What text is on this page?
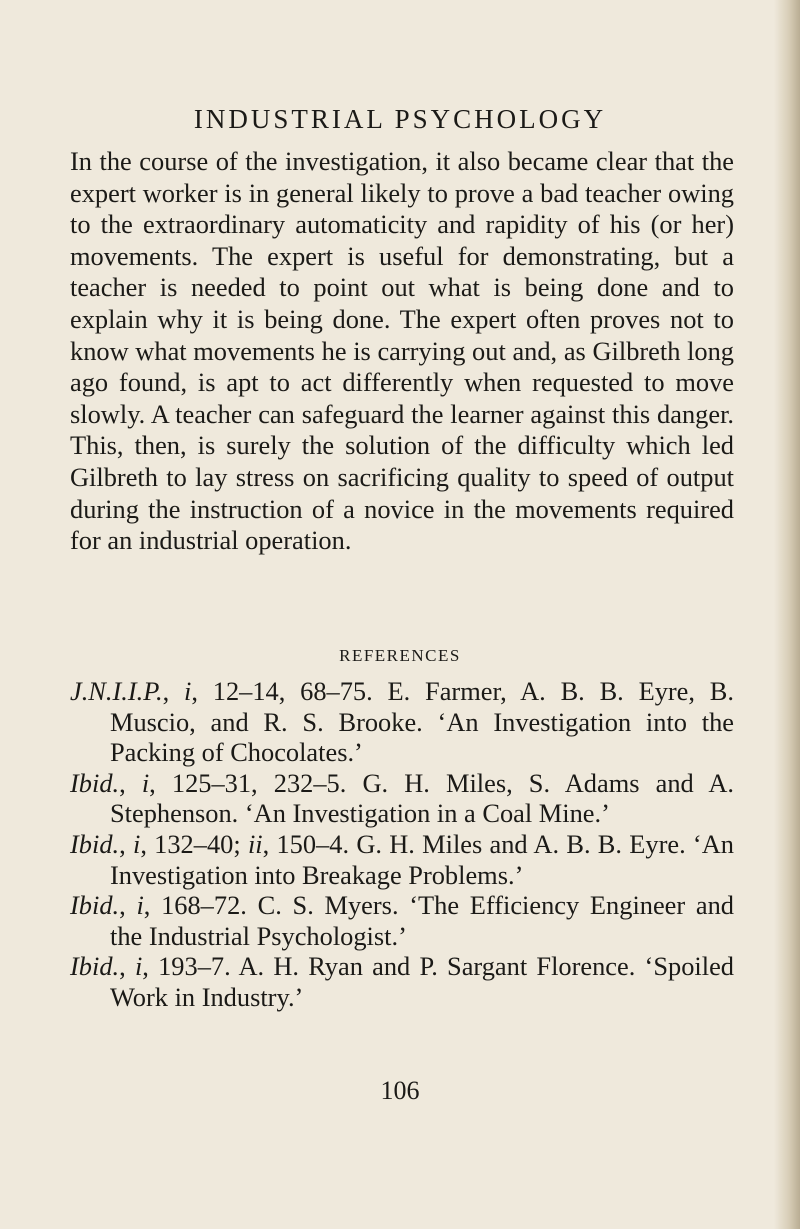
INDUSTRIAL PSYCHOLOGY

In the course of the investigation, it also became clear that the expert worker is in general likely to prove a bad teacher owing to the extraordinary automaticity and rapidity of his (or her) movements. The expert is useful for demonstrating, but a teacher is needed to point out what is being done and to explain why it is being done. The expert often proves not to know what movements he is carrying out and, as Gilbreth long ago found, is apt to act differently when requested to move slowly. A teacher can safeguard the learner against this danger. This, then, is surely the solution of the difficulty which led Gilbreth to lay stress on sacrificing quality to speed of output during the instruction of a novice in the movements required for an industrial operation.

REFERENCES
J.N.I.I.P., i, 12–14, 68–75. E. Farmer, A. B. B. Eyre, B. Muscio, and R. S. Brooke. ‘An Investigation into the Packing of Chocolates.’
Ibid., i, 125–31, 232–5. G. H. Miles, S. Adams and A. Stephenson. ‘An Investigation in a Coal Mine.’
Ibid., i, 132–40; ii, 150–4. G. H. Miles and A. B. B. Eyre. ‘An Investigation into Breakage Problems.’
Ibid., i, 168–72. C. S. Myers. ‘The Efficiency Engineer and the Industrial Psychologist.’
Ibid., i, 193–7. A. H. Ryan and P. Sargant Florence. ‘Spoiled Work in Industry.’

106
